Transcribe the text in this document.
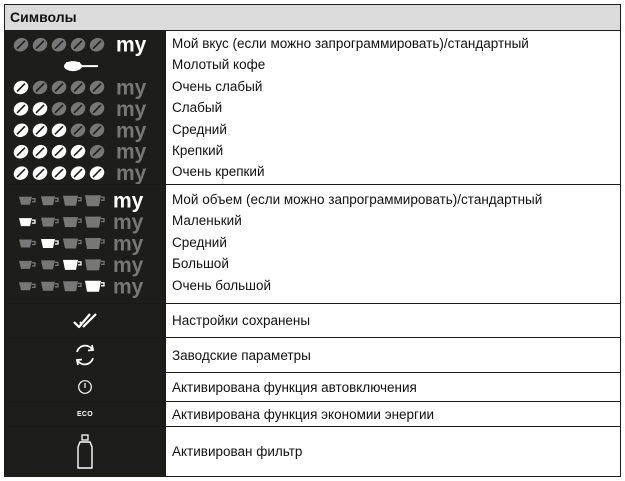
Символы
my
my
my
my
my
my
Мой вкус (если можно запрограммировать)/стандартный
Молотый кофе
Очень слабый
Слабый
Средний
Крепкий
Очень крепкий
my
my
my
my
my
Мой объем (если можно запрограммировать)/стандартный
Маленький
Средний
Большой
Очень большой
Настройки сохранены
Заводские параметры
Активирована функция автовключения
ECO	Активирована функция экономии энергии
Активирован фильтр
